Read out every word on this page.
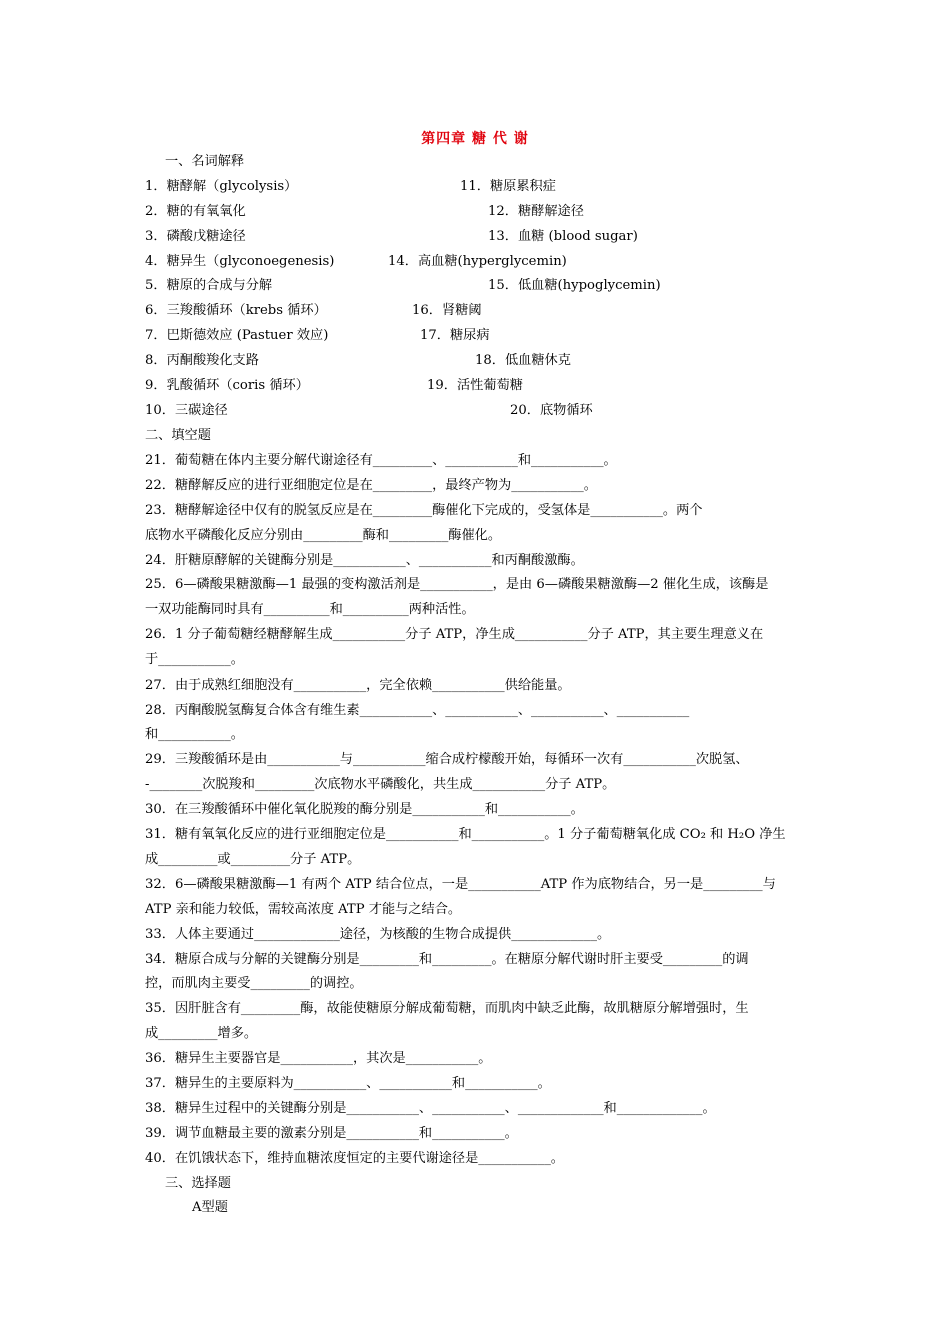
第四章 糖 代 谢
一、名词解释
1．糖酵解（glycolysis）	11．糖原累积症
2．糖的有氧氧化	12．糖酵解途径
3．磷酸戊糖途径	13．血糖 (blood sugar)
4．糖异生（glyconoegenesis)	14．高血糖(hyperglycemin)
5．糖原的合成与分解	15．低血糖(hypoglycemin)
6．三羧酸循环（krebs 循环）	16．肾糖阈
7．巴斯德效应 (Pastuer 效应)	17．糖尿病
8．丙酮酸羧化支路	18．低血糖休克
9．乳酸循环（coris 循环）	19．活性葡萄糖
10．三碳途径	20．底物循环
二、填空题
21．葡萄糖在体内主要分解代谢途径有_________、___________和___________。
22．糖酵解反应的进行亚细胞定位是在_________，最终产物为___________。
23．糖酵解途径中仅有的脱氢反应是在_________酶催化下完成的，受氢体是___________。两个
底物水平磷酸化反应分别由_________酶和_________酶催化。
24．肝糖原酵解的关键酶分别是___________、___________和丙酮酸激酶。
25．6—磷酸果糖激酶—1 最强的变构激活剂是___________，是由 6—磷酸果糖激酶—2 催化生成，该酶是
一双功能酶同时具有__________和__________两种活性。
26．1 分子葡萄糖经糖酵解生成___________分子 ATP，净生成___________分子 ATP，其主要生理意义在
于___________。
27．由于成熟红细胞没有___________，完全依赖___________供给能量。
28．丙酮酸脱氢酶复合体含有维生素___________、___________、___________、___________
和___________。
29．三羧酸循环是由___________与___________缩合成柠檬酸开始，每循环一次有___________次脱氢、
-________次脱羧和_________次底物水平磷酸化，共生成___________分子 ATP。
30．在三羧酸循环中催化氧化脱羧的酶分别是___________和___________。
31．糖有氧氧化反应的进行亚细胞定位是___________和___________。1 分子葡萄糖氧化成 CO₂ 和 H₂O 净生
成_________或_________分子 ATP。
32．6—磷酸果糖激酶—1 有两个 ATP 结合位点，一是___________ATP 作为底物结合，另一是_________与
ATP 亲和能力较低，需较高浓度 ATP 才能与之结合。
33．人体主要通过_____________途径，为核酸的生物合成提供_____________。
34．糖原合成与分解的关键酶分别是_________和_________。在糖原分解代谢时肝主要受_________的调
控，而肌肉主要受_________的调控。
35．因肝脏含有_________酶，故能使糖原分解成葡萄糖，而肌肉中缺乏此酶，故肌糖原分解增强时，生
成_________增多。
36．糖异生主要器官是___________，其次是___________。
37．糖异生的主要原料为___________、___________和___________。
38．糖异生过程中的关键酶分别是___________、___________、_____________和_____________。
39．调节血糖最主要的激素分别是___________和___________。
40．在饥饿状态下，维持血糖浓度恒定的主要代谢途径是___________。
三、选择题
A型题
